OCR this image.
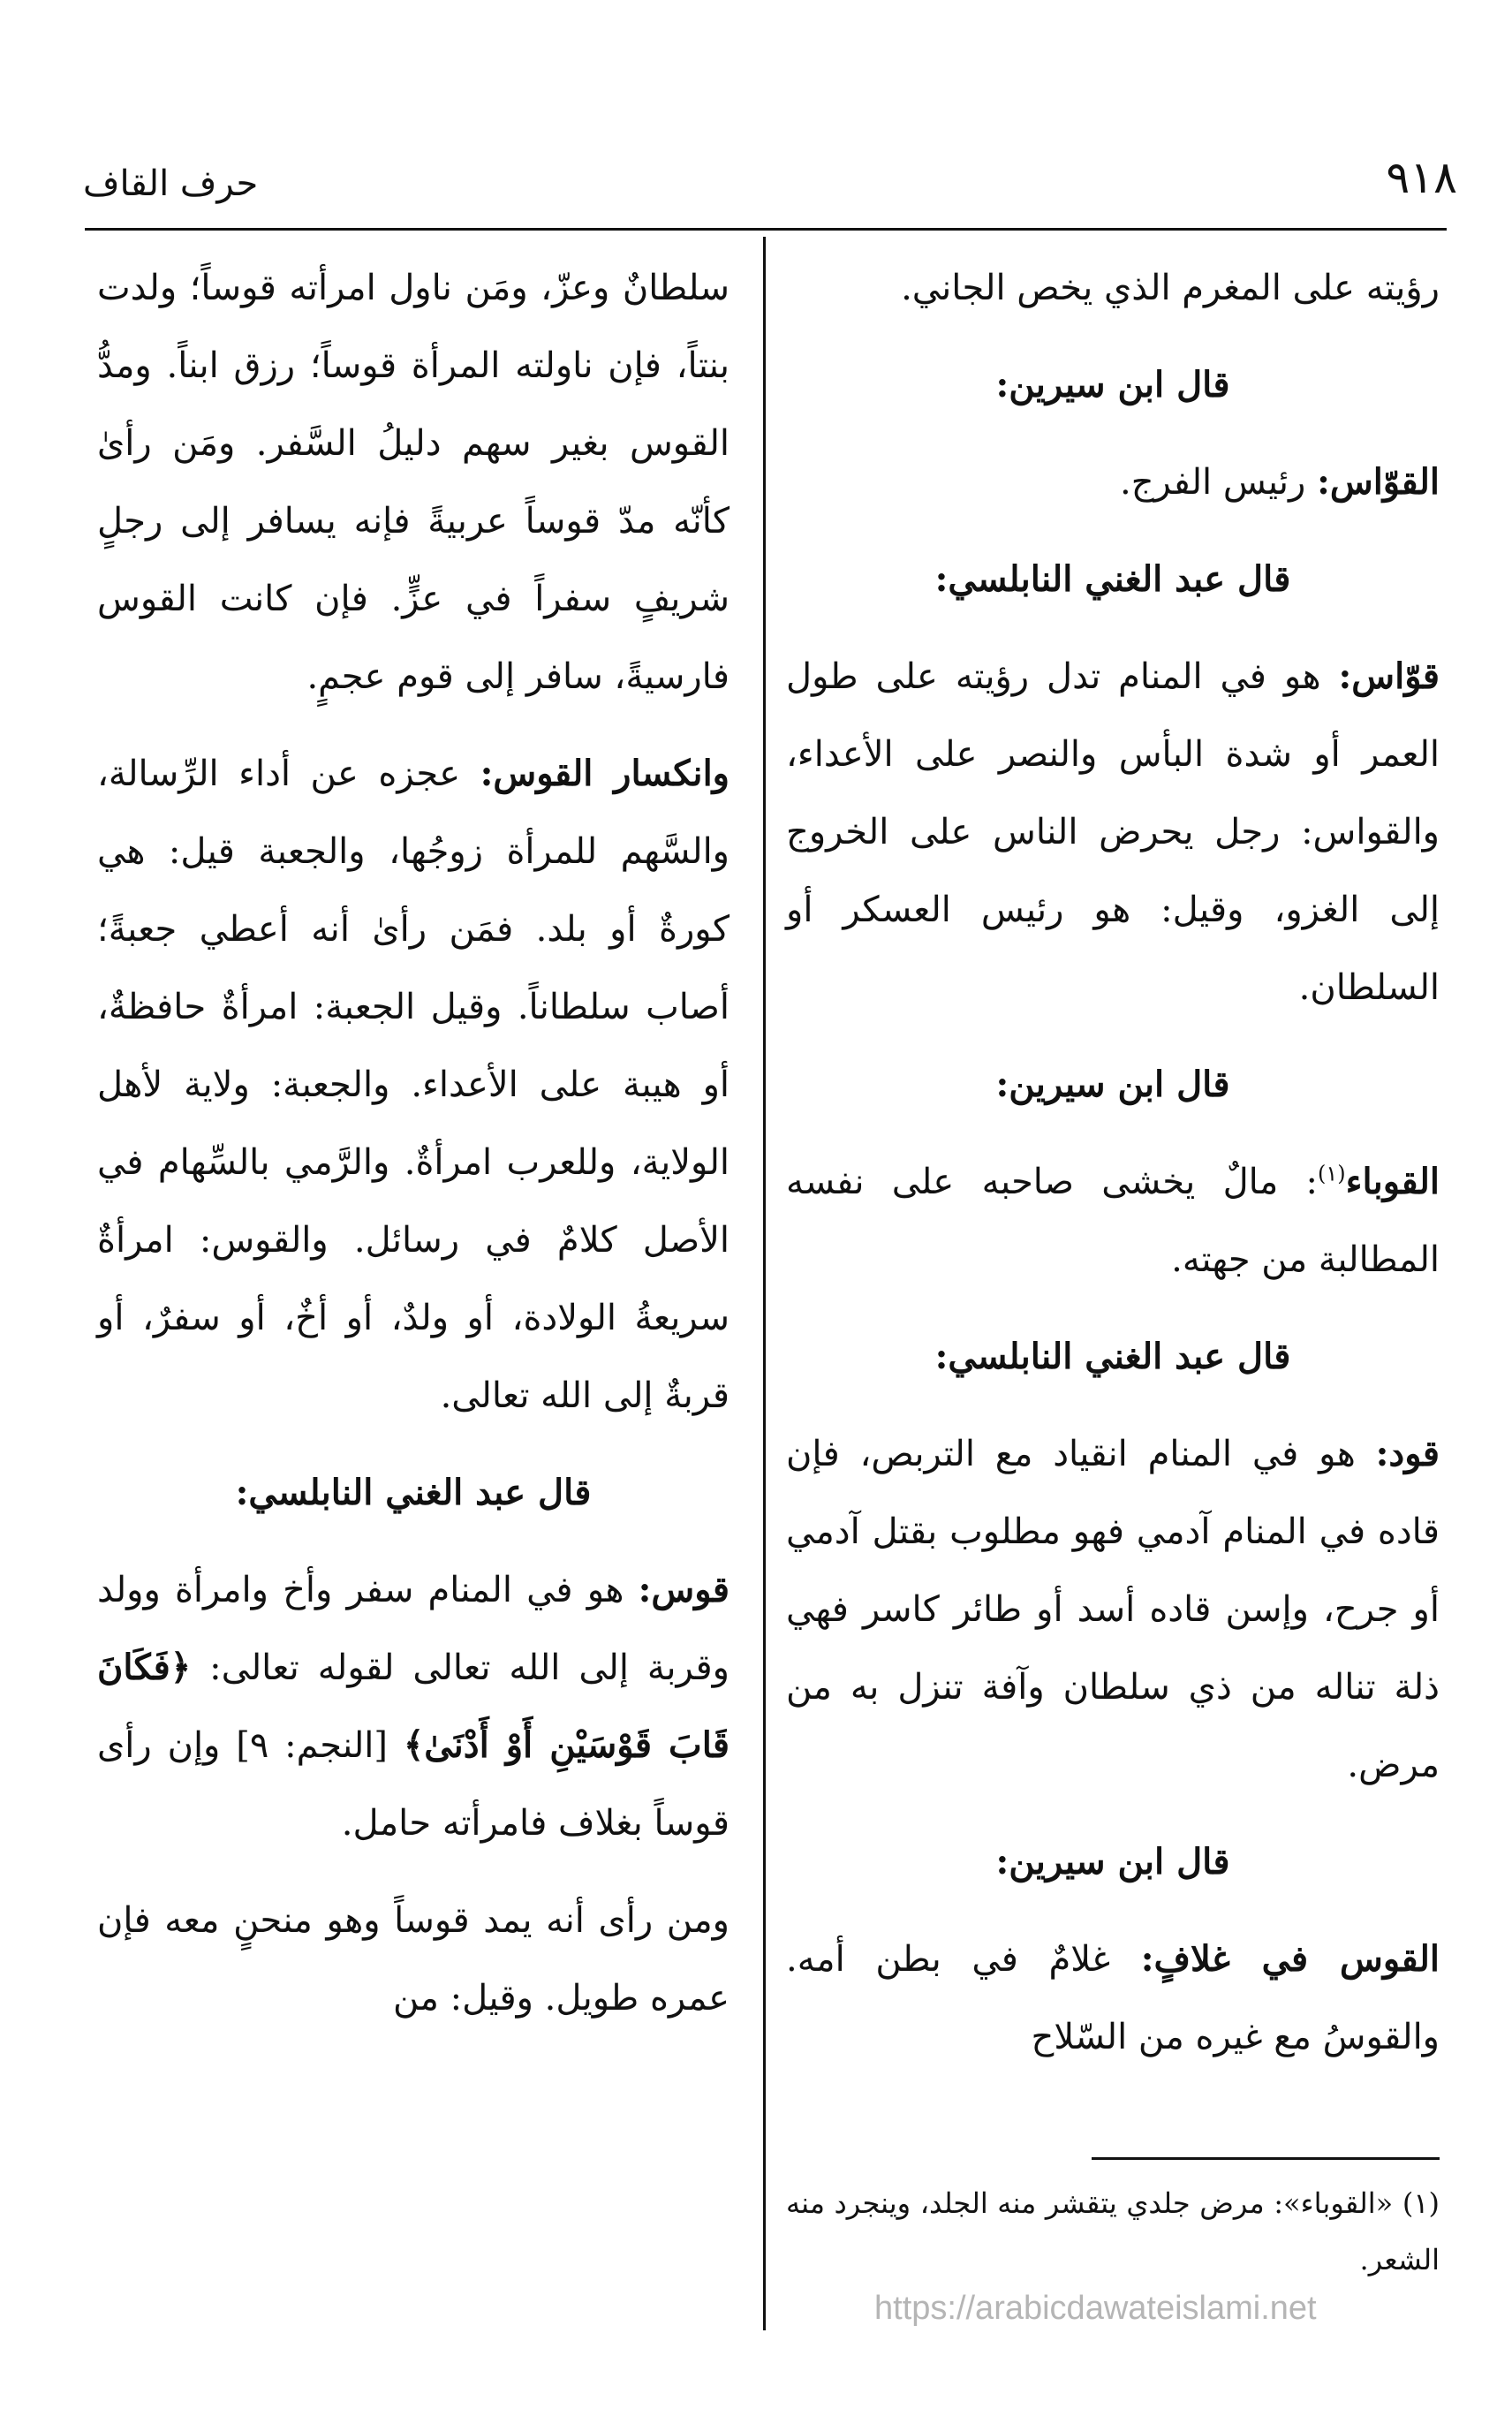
٩١٨
حرف القاف

رؤيته على المغرم الذي يخص الجاني.

قال ابن سيرين:

القوّاس: رئيس الفرج.

قال عبد الغني النابلسي:

قوّاس: هو في المنام تدل رؤيته على طول العمر أو شدة البأس والنصر على الأعداء، والقواس: رجل يحرض الناس على الخروج إلى الغزو، وقيل: هو رئيس العسكر أو السلطان.

قال ابن سيرين:

القوباء$^{(١)}$: مالٌ يخشى صاحبه على نفسه المطالبة من جهته.

قال عبد الغني النابلسي:

قود: هو في المنام انقياد مع التربص، فإن قاده في المنام آدمي فهو مطلوب بقتل آدمي أو جرح، وإسن قاده أسد أو طائر كاسر فهي ذلة تناله من ذي سلطان وآفة تنزل به من مرض.

قال ابن سيرين:

القوس في غلافٍ: غلامٌ في بطن أمه. والقوسُ مع غيره من السّلاح

سلطانٌ وعزّ، ومَن ناول امرأته قوساً؛ ولدت بنتاً، فإن ناولته المرأة قوساً؛ رزق ابناً. ومدُّ القوس بغير سهم دليلُ السَّفر. ومَن رأىٰ كأنّه مدّ قوساً عربيةً فإنه يسافر إلى رجلٍ شريفٍ سفراً في عزٍّ. فإن كانت القوس فارسيةً، سافر إلى قوم عجمٍ.

وانكسار القوس: عجزه عن أداء الرِّسالة، والسَّهم للمرأة زوجُها، والجعبة قيل: هي كورةٌ أو بلد. فمَن رأىٰ أنه أعطي جعبةً؛ أصاب سلطاناً. وقيل الجعبة: امرأةٌ حافظةٌ، أو هيبة على الأعداء. والجعبة: ولاية لأهل الولاية، وللعرب امرأةٌ. والرَّمي بالسِّهام في الأصل كلامٌ في رسائل. والقوس: امرأةٌ سريعةُ الولادة، أو ولدٌ، أو أخٌ، أو سفرٌ، أو قربةٌ إلى الله تعالى.

قال عبد الغني النابلسي:

قوس: هو في المنام سفر وأخ وامرأة وولد وقربة إلى الله تعالى لقوله تعالى: ﴿فَكَانَ قَابَ قَوْسَيْنِ أَوْ أَدْنَىٰ﴾ [النجم: ٩] وإن رأى قوساً بغلاف فامرأته حامل.

ومن رأى أنه يمد قوساً وهو منحنٍ معه فإن عمره طويل. وقيل: من

(١) «القوباء»: مرض جلدي يتقشر منه الجلد، وينجرد منه الشعر.
https://arabicdawateislami.net
